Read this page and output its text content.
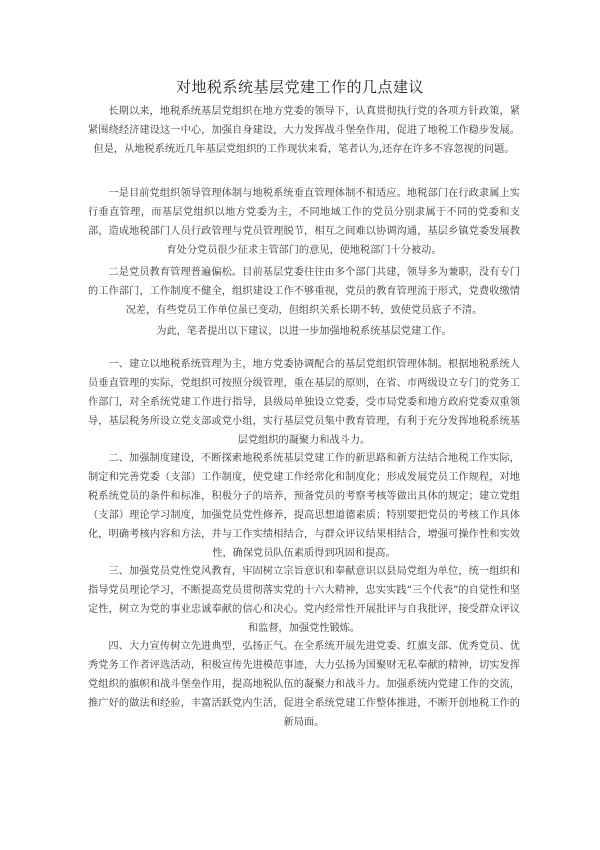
对地税系统基层党建工作的几点建议

长期以来，地税系统基层党组织在地方党委的领导下，认真贯彻执行党的各项方针政策，紧紧围绕经济建设这一中心，加强自身建设，大力发挥战斗堡垒作用，促进了地税工作稳步发展。但是，从地税系统近几年基层党组织的工作现状来看，笔者认为,还存在许多不容忽视的问题。

一是目前党组织领导管理体制与地税系统垂直管理体制不相适应。地税部门在行政隶属上实行垂直管理，而基层党组织以地方党委为主，不同地域工作的党员分别隶属于不同的党委和支部，造成地税部门人员行政管理与党员管理脱节，相互之间难以协调沟通，基层乡镇党委发展教育处分党员很少征求主管部门的意见，使地税部门十分被动。

二是党员教育管理普遍偏松。目前基层党委往往由多个部门共建，领导多为兼职，没有专门的工作部门，工作制度不健全，组织建设工作不够重视，党员的教育管理流于形式，党费收缴情况差，有些党员工作单位虽已变动，但组织关系长期不转，致使党员底子不清。

为此，笔者提出以下建议，以进一步加强地税系统基层党建工作。

一、建立以地税系统管理为主，地方党委协调配合的基层党组织管理体制。根据地税系统人员垂直管理的实际，党组织可按照分级管理，重在基层的原则，在省、市两级设立专门的党务工作部门，对全系统党建工作进行指导，县级局单独设立党委，受市局党委和地方政府党委双重领导，基层税务所设立党支部或党小组，实行基层党员集中教育管理，有利于充分发挥地税系统基层党组织的凝聚力和战斗力。

二、加强制度建设，不断探索地税系统基层党建工作的新思路和新方法结合地税工作实际，制定和完善党委（支部）工作制度，使党建工作经常化和制度化；形成发展党员工作规程，对地税系统党员的条件和标准，积极分子的培养，预备党员的考察考核等做出具体的规定；建立党组（支部）理论学习制度，加强党员党性修养，提高思想道德素质；特别要把党员的考核工作具体化，明确考核内容和方法，并与工作实绩相结合，与群众评议结果相结合，增强可操作性和实效性，确保党员队伍素质得到巩固和提高。

三、加强党员党性党风教育，牢固树立宗旨意识和奉献意识以县局党组为单位，统一组织和指导党员理论学习，不断提高党员贯彻落实党的十六大精神，忠实实践“三个代表”的自觉性和坚定性，树立为党的事业忠诚奉献的信心和决心。党内经常性开展批评与自我批评，接受群众评议和监督，加强党性锻炼。

四、大力宣传树立先进典型，弘扬正气。在全系统开展先进党委、红旗支部、优秀党员、优秀党务工作者评选活动，积极宣传先进模范事迹，大力弘扬为国聚财无私奉献的精神，切实发挥党组织的旗帜和战斗堡垒作用，提高地税队伍的凝聚力和战斗力。加强系统内党建工作的交流，推广好的做法和经验，丰富活跃党内生活，促进全系统党建工作整体推进，不断开创地税工作的新局面。
